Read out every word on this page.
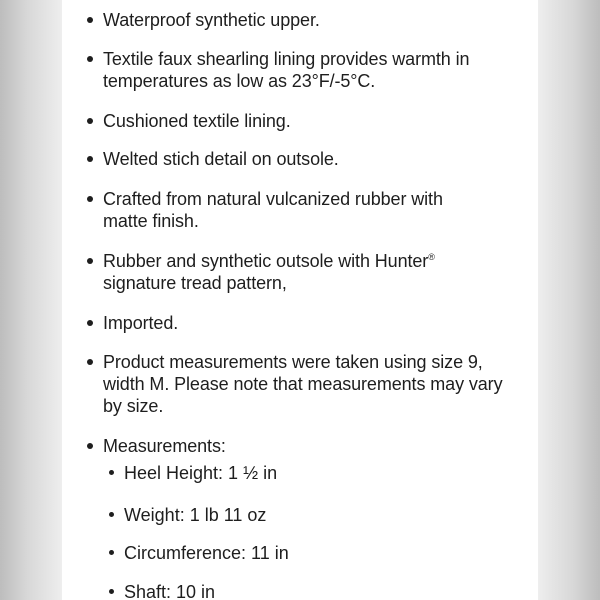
Waterproof synthetic upper.
Textile faux shearling lining provides warmth in temperatures as low as 23°F/-5°C.
Cushioned textile lining.
Welted stich detail on outsole.
Crafted from natural vulcanized rubber with matte finish.
Rubber and synthetic outsole with Hunter®
signature tread pattern,
Imported.
Product measurements were taken using size 9, width M. Please note that measurements may vary by size.
Measurements:
Heel Height: 1 ½ in
Weight: 1 lb 11 oz
Circumference: 11 in
Shaft: 10 in
